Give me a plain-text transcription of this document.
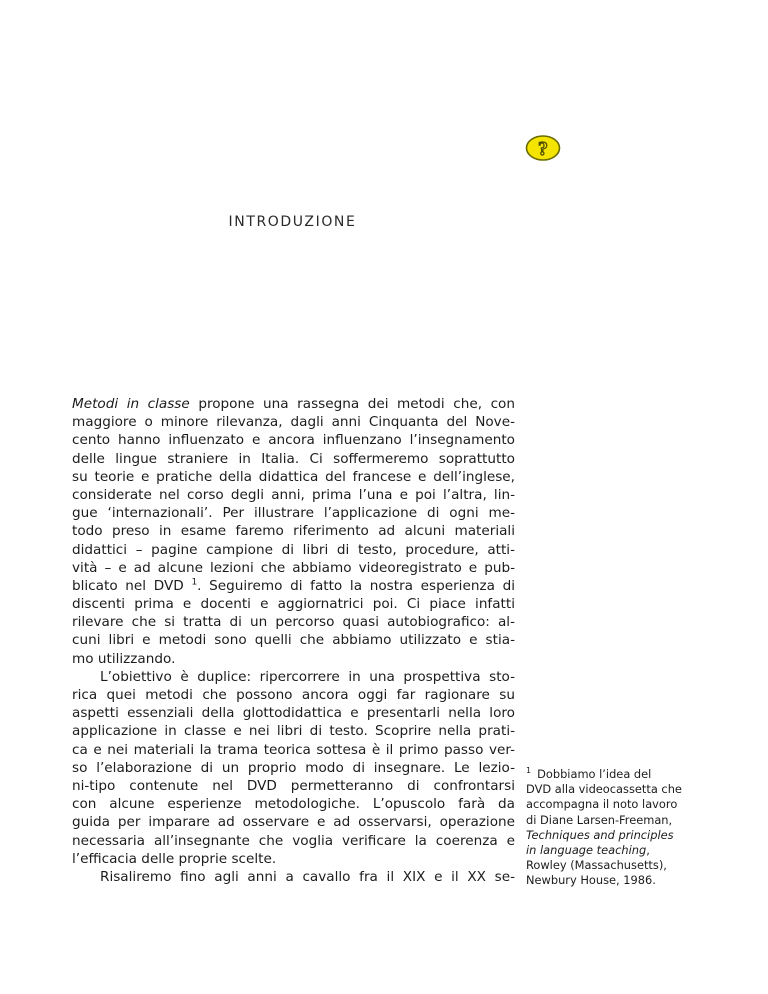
?
INTRODUZIONE
Metodi in classe propone una rassegna dei metodi che, con
maggiore o minore rilevanza, dagli anni Cinquanta del Nove-
cento hanno influenzato e ancora influenzano l’insegnamento
delle lingue straniere in Italia. Ci soffermeremo soprattutto
su teorie e pratiche della didattica del francese e dell’inglese,
considerate nel corso degli anni, prima l’una e poi l’altra, lin-
gue ‘internazionali’. Per illustrare l’applicazione di ogni me-
todo preso in esame faremo riferimento ad alcuni materiali
didattici – pagine campione di libri di testo, procedure, atti-
vità – e ad alcune lezioni che abbiamo videoregistrato e pub-
blicato nel DVD $^1$. Seguiremo di fatto la nostra esperienza di
discenti prima e docenti e aggiornatrici poi. Ci piace infatti
rilevare che si tratta di un percorso quasi autobiografico: al-
cuni libri e metodi sono quelli che abbiamo utilizzato e stia-
mo utilizzando.
L’obiettivo è duplice: ripercorrere in una prospettiva sto-
rica quei metodi che possono ancora oggi far ragionare su
aspetti essenziali della glottodidattica e presentarli nella loro
applicazione in classe e nei libri di testo. Scoprire nella prati-
ca e nei materiali la trama teorica sottesa è il primo passo ver-
so l’elaborazione di un proprio modo di insegnare. Le lezio-
ni-tipo contenute nel DVD permetteranno di confrontarsi
con alcune esperienze metodologiche. L’opuscolo farà da
guida per imparare ad osservare e ad osservarsi, operazione
necessaria all’insegnante che voglia verificare la coerenza e
l’efficacia delle proprie scelte.
Risaliremo fino agli anni a cavallo fra il XIX e il XX se-
$^1$ Dobbiamo l’idea del
DVD alla videocassetta che
accompagna il noto lavoro
di Diane Larsen-Freeman,
Techniques and principles
in language teaching,
Rowley (Massachusetts),
Newbury House, 1986.
